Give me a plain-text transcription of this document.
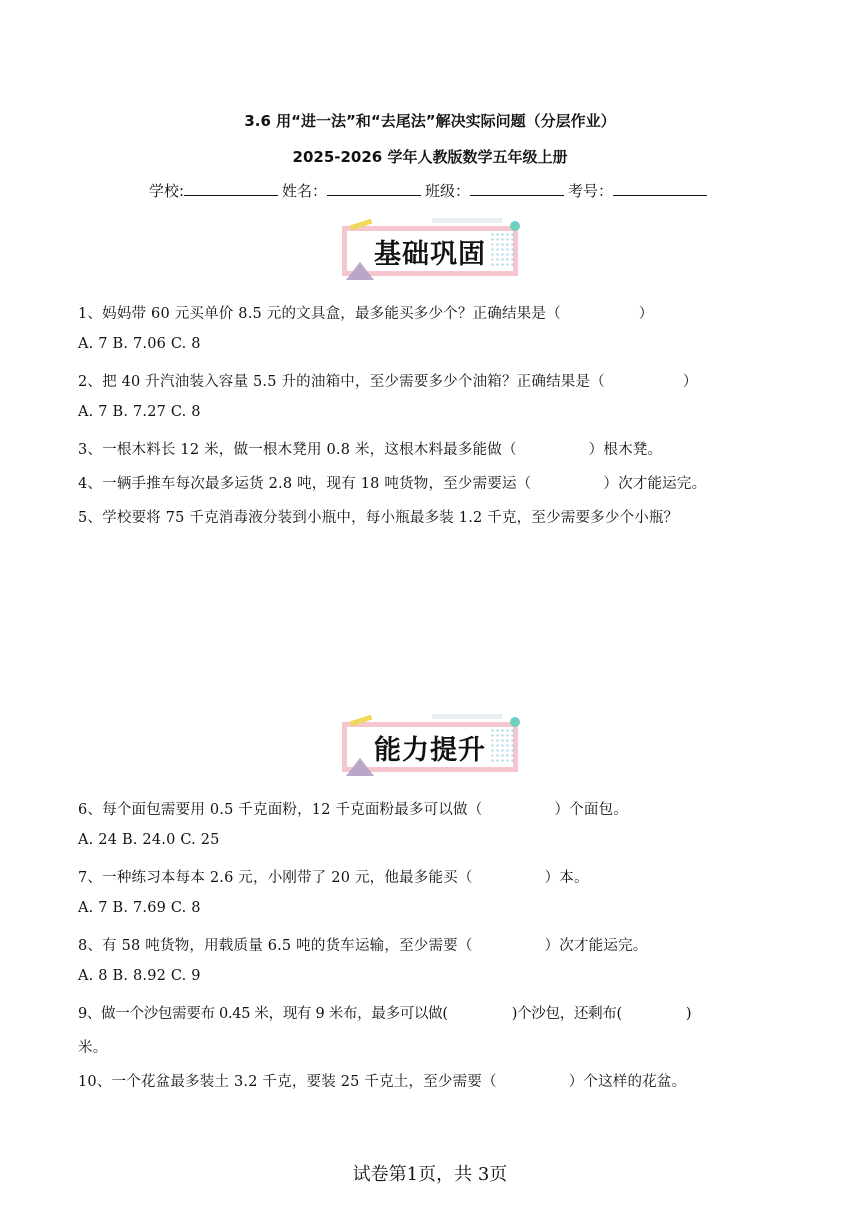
3.6 用“进一法”和“去尾法”解决实际问题（分层作业）
2025-2026 学年人教版数学五年级上册
学校:	姓名：	班级：	考号：
基础巩固
1、妈妈带 60 元买单价 8.5 元的文具盒，最多能买多少个？正确结果是（	）
A. 7 B. 7.06 C. 8
2、把 40 升汽油装入容量 5.5 升的油箱中，至少需要多少个油箱？正确结果是（	）
A. 7 B. 7.27 C. 8
3、一根木料长 12 米，做一根木凳用 0.8 米，这根木料最多能做（	）根木凳。
4、一辆手推车每次最多运货 2.8 吨，现有 18 吨货物，至少需要运（	）次才能运完。
5、学校要将 75 千克消毒液分装到小瓶中，每小瓶最多装 1.2 千克，至少需要多少个小瓶？
能力提升
6、每个面包需要用 0.5 千克面粉，12 千克面粉最多可以做（	）个面包。
A. 24 B. 24.0 C. 25
7、一种练习本每本 2.6 元，小刚带了 20 元，他最多能买（	）本。
A. 7 B. 7.69 C. 8
8、有 58 吨货物，用载质量 6.5 吨的货车运输，至少需要（	）次才能运完。
A. 8 B. 8.92 C. 9
9、做一个沙包需要布 0.45 米，现有 9 米布，最多可以做(	)个沙包，还剩布(	)
米。
10、一个花盆最多装土 3.2 千克，要装 25 千克土，至少需要（	）个这样的花盆。
试卷第1页，共 3页
